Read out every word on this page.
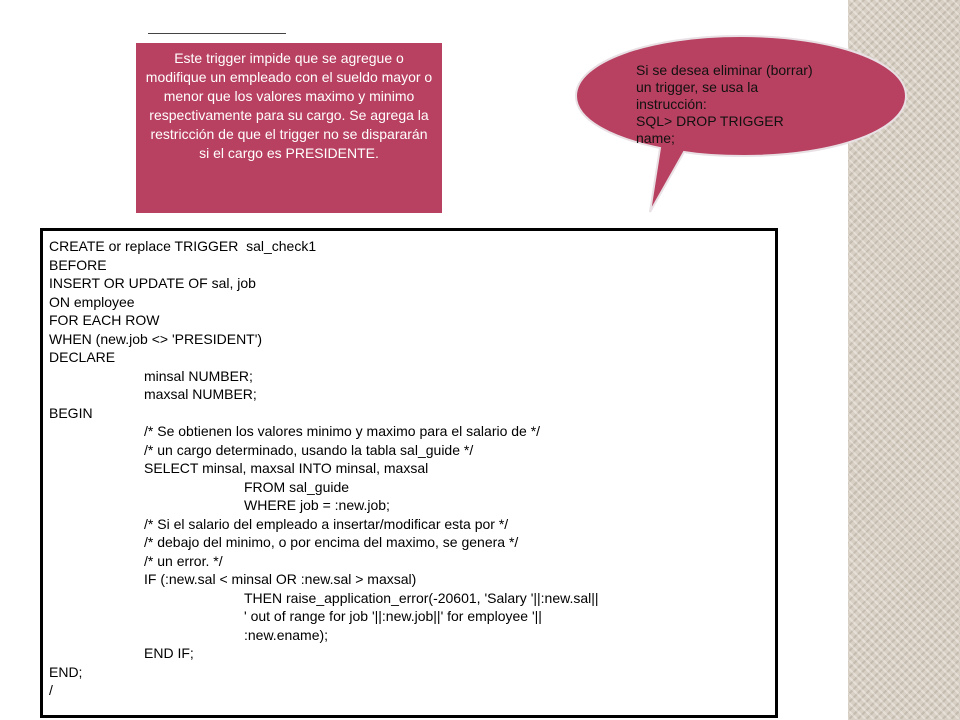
Este trigger impide que se agregue o modifique un empleado con el sueldo mayor o menor que los valores maximo y minimo respectivamente para su cargo. Se agrega la restricción de que el trigger no se dispararán si el cargo es PRESIDENTE.
Si se desea eliminar (borrar)
un trigger, se usa la
instrucción:
SQL> DROP TRIGGER
name;
CREATE or replace TRIGGER  sal_check1
BEFORE
INSERT OR UPDATE OF sal, job
ON employee
FOR EACH ROW
WHEN (new.job <> 'PRESIDENT')
DECLARE
minsal NUMBER;
maxsal NUMBER;
BEGIN
/* Se obtienen los valores minimo y maximo para el salario de */
/* un cargo determinado, usando la tabla sal_guide */
SELECT minsal, maxsal INTO minsal, maxsal
FROM sal_guide
WHERE job = :new.job;
/* Si el salario del empleado a insertar/modificar esta por */
/* debajo del minimo, o por encima del maximo, se genera */
/* un error. */
IF (:new.sal < minsal OR :new.sal > maxsal)
THEN raise_application_error(-20601, 'Salary '||:new.sal||
' out of range for job '||:new.job||' for employee '||
:new.ename);
END IF;
END;
/
